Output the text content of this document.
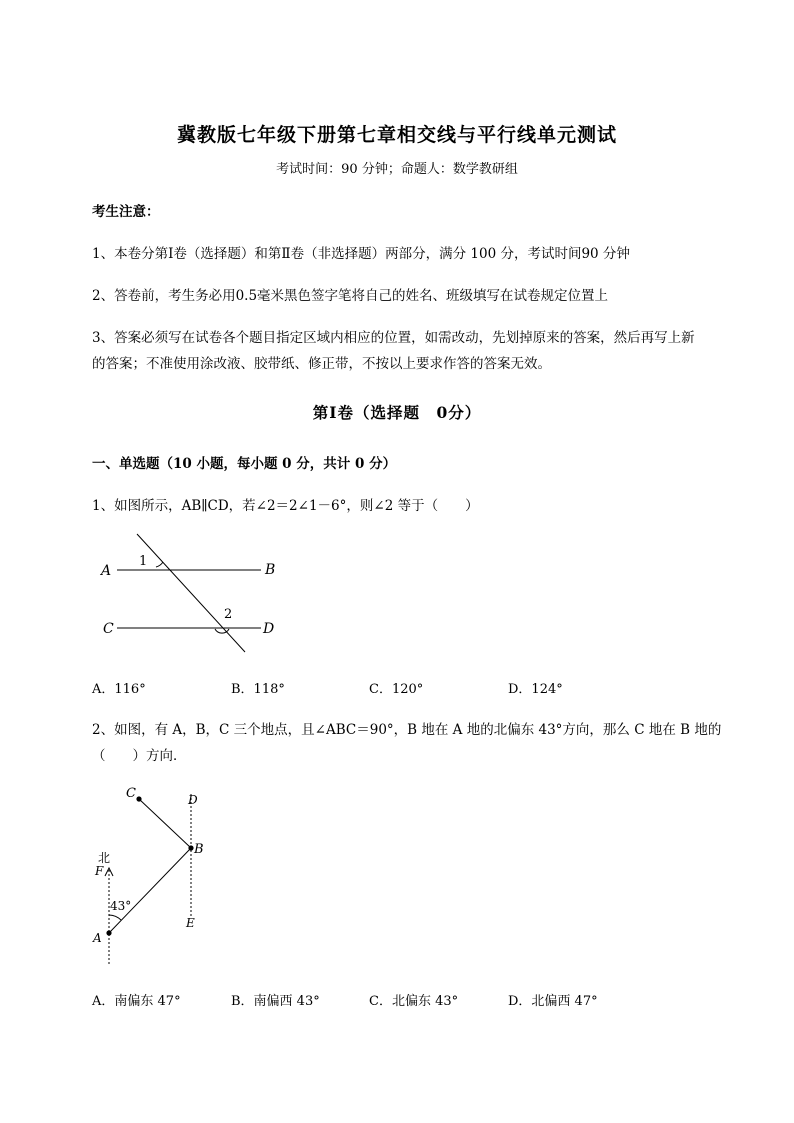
冀教版七年级下册第七章相交线与平行线单元测试
考试时间：90 分钟；命题人：数学教研组
考生注意：
1、本卷分第Ⅰ卷（选择题）和第Ⅱ卷（非选择题）两部分，满分 100 分，考试时间90 分钟
2、答卷前，考生务必用0.5毫米黑色签字笔将自己的姓名、班级填写在试卷规定位置上
3、答案必须写在试卷各个题目指定区域内相应的位置，如需改动，先划掉原来的答案，然后再写上新
的答案；不准使用涂改液、胶带纸、修正带，不按以上要求作答的答案无效。
第Ⅰ卷（选择题　0分）
一、单选题（10 小题，每小题 0 分，共计 0 分）
1、如图所示，AB∥CD，若∠2＝2∠1－6°，则∠2 等于（　　）
A	B
C	D
1
2
A．116°	B．118°	C．120°	D．124°
2、如图，有 A，B，C 三个地点，且∠ABC＝90°，B 地在 A 地的北偏东 43°方向，那么 C 地在 B 地的
（　　）方向．
C	D
B
北
F
43°
A
E
A．南偏东 47°	B．南偏西 43°	C．北偏东 43°	D．北偏西 47°
